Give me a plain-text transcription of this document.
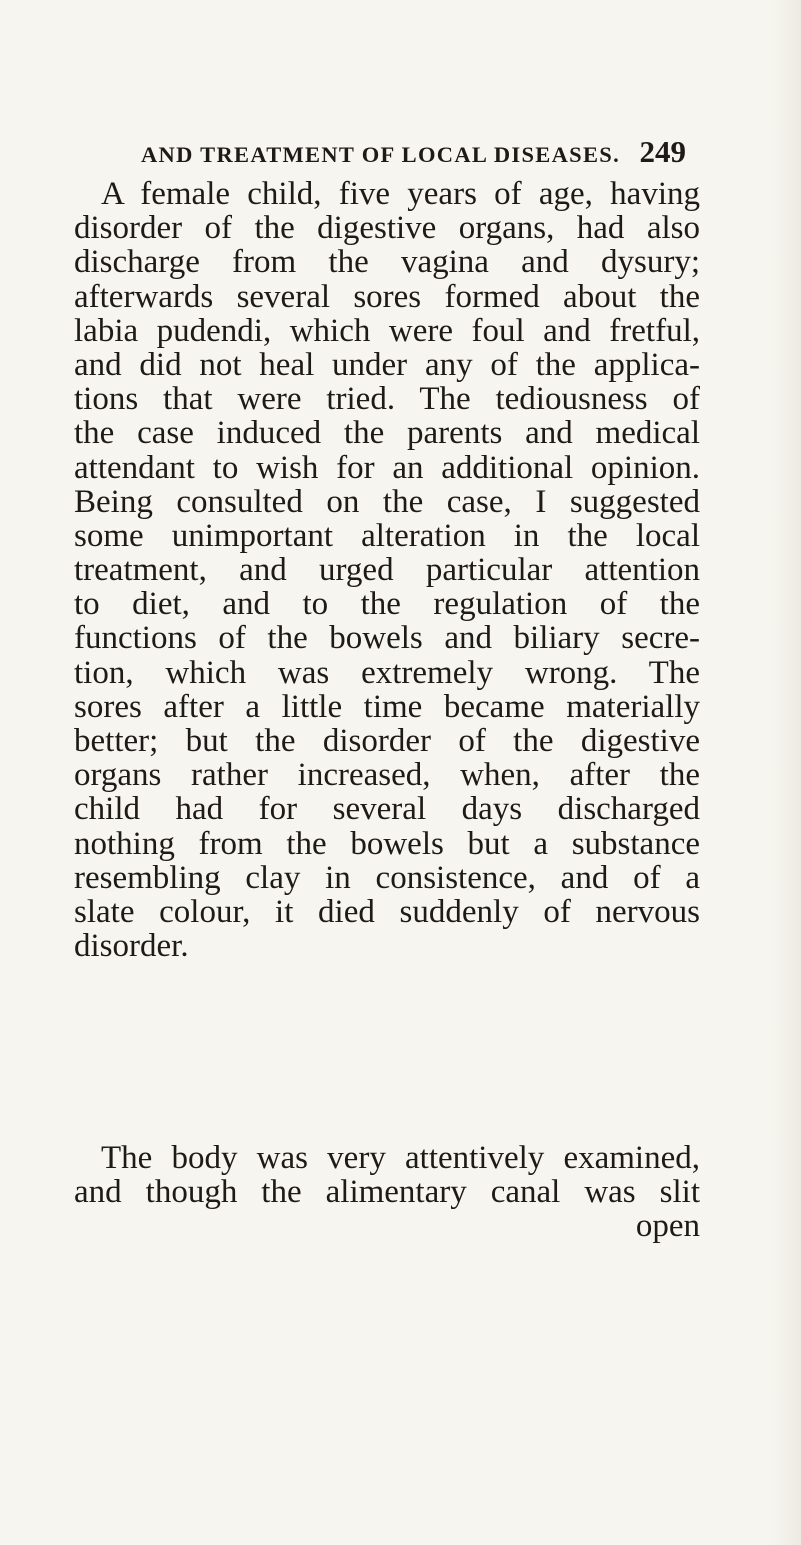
AND TREATMENT OF LOCAL DISEASES. 249
A female child, five years of age, having
disorder of the digestive organs, had also
discharge from the vagina and dysury;
afterwards several sores formed about the
labia pudendi, which were foul and fretful,
and did not heal under any of the applica-
tions that were tried. The tediousness of
the case induced the parents and medical
attendant to wish for an additional opinion.
Being consulted on the case, I suggested
some unimportant alteration in the local
treatment, and urged particular attention
to diet, and to the regulation of the
functions of the bowels and biliary secre-
tion, which was extremely wrong. The
sores after a little time became materially
better; but the disorder of the digestive
organs rather increased, when, after the
child had for several days discharged
nothing from the bowels but a substance
resembling clay in consistence, and of a
slate colour, it died suddenly of nervous
disorder.
The body was very attentively examined,
and though the alimentary canal was slit
open
